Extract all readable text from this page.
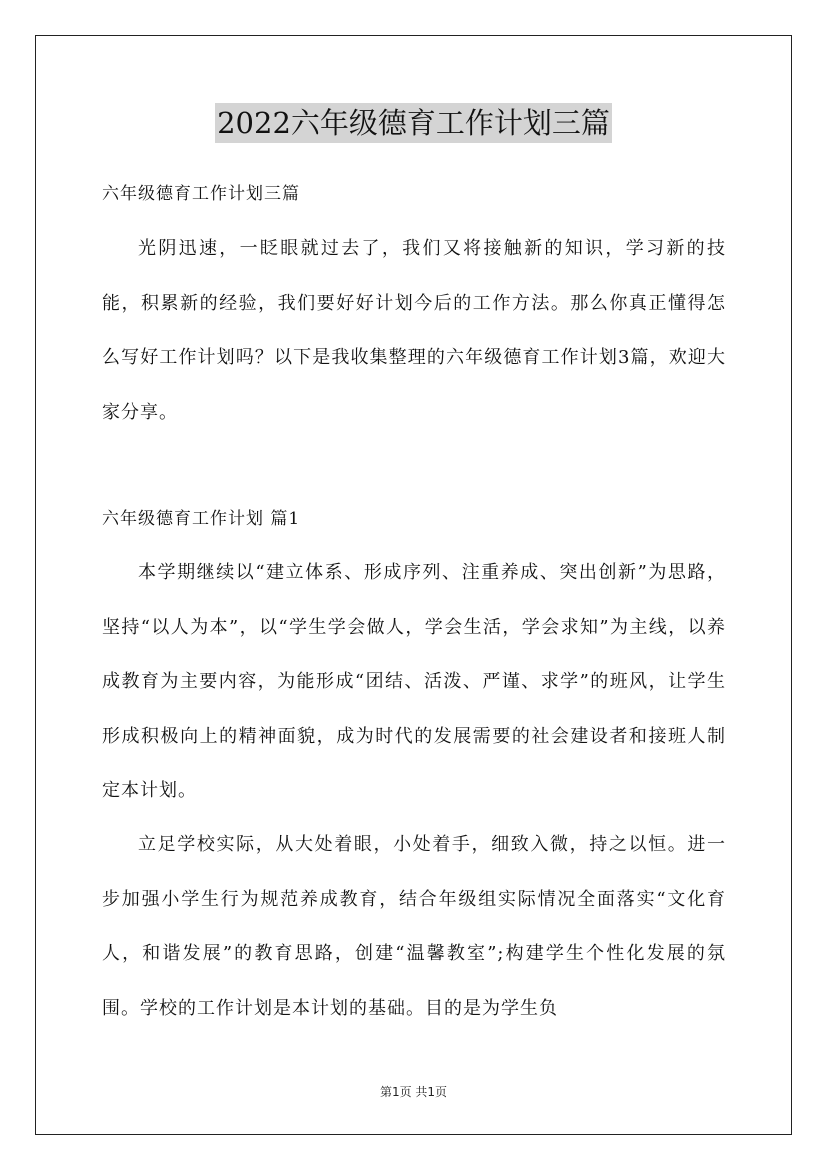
2022六年级德育工作计划三篇
六年级德育工作计划三篇

光阴迅速，一眨眼就过去了，我们又将接触新的知识，学习新的技能，积累新的经验，我们要好好计划今后的工作方法。那么你真正懂得怎么写好工作计划吗？以下是我收集整理的六年级德育工作计划3篇，欢迎大家分享。

六年级德育工作计划 篇1

本学期继续以“建立体系、形成序列、注重养成、突出创新”为思路，坚持“以人为本”，以“学生学会做人，学会生活，学会求知”为主线，以养成教育为主要内容，为能形成“团结、活泼、严谨、求学”的班风，让学生形成积极向上的精神面貌，成为时代的发展需要的社会建设者和接班人制定本计划。

立足学校实际，从大处着眼，小处着手，细致入微，持之以恒。进一步加强小学生行为规范养成教育，结合年级组实际情况全面落实“文化育人，和谐发展”的教育思路，创建“温馨教室”;构建学生个性化发展的氛围。学校的工作计划是本计划的基础。目的是为学生负

第1页 共1页
